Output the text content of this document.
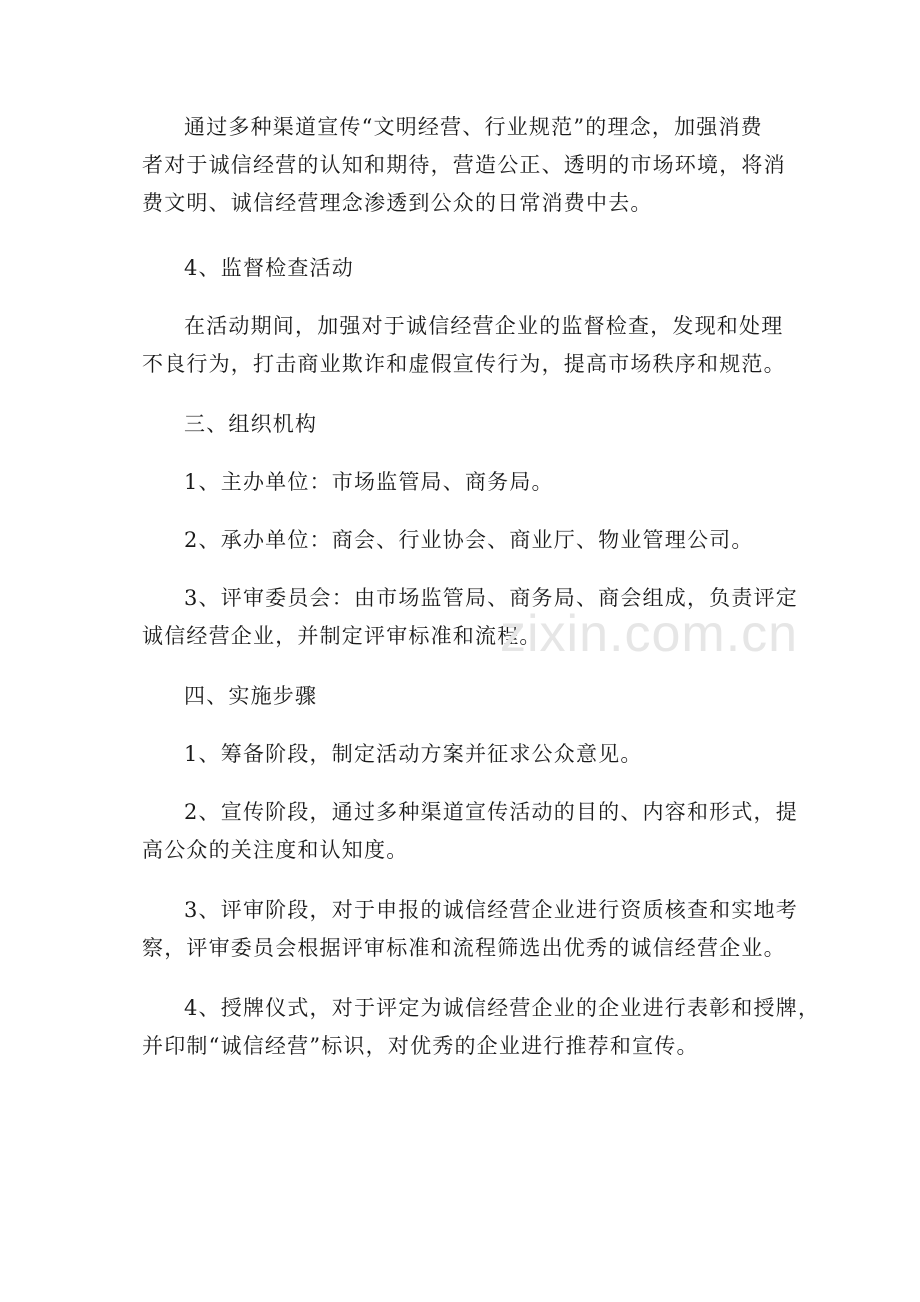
通过多种渠道宣传“文明经营、行业规范”的理念，加强消费
者对于诚信经营的认知和期待，营造公正、透明的市场环境，将消
费文明、诚信经营理念渗透到公众的日常消费中去。

4、监督检查活动

在活动期间，加强对于诚信经营企业的监督检查，发现和处理
不良行为，打击商业欺诈和虚假宣传行为，提高市场秩序和规范。

三、组织机构

1、主办单位：市场监管局、商务局。

2、承办单位：商会、行业协会、商业厅、物业管理公司。

3、评审委员会：由市场监管局、商务局、商会组成，负责评定
诚信经营企业，并制定评审标准和流程。

四、实施步骤

1、筹备阶段，制定活动方案并征求公众意见。

2、宣传阶段，通过多种渠道宣传活动的目的、内容和形式，提
高公众的关注度和认知度。

3、评审阶段，对于申报的诚信经营企业进行资质核查和实地考
察，评审委员会根据评审标准和流程筛选出优秀的诚信经营企业。

4、授牌仪式，对于评定为诚信经营企业的企业进行表彰和授牌，
并印制“诚信经营”标识，对优秀的企业进行推荐和宣传。

zixin.com.cn
